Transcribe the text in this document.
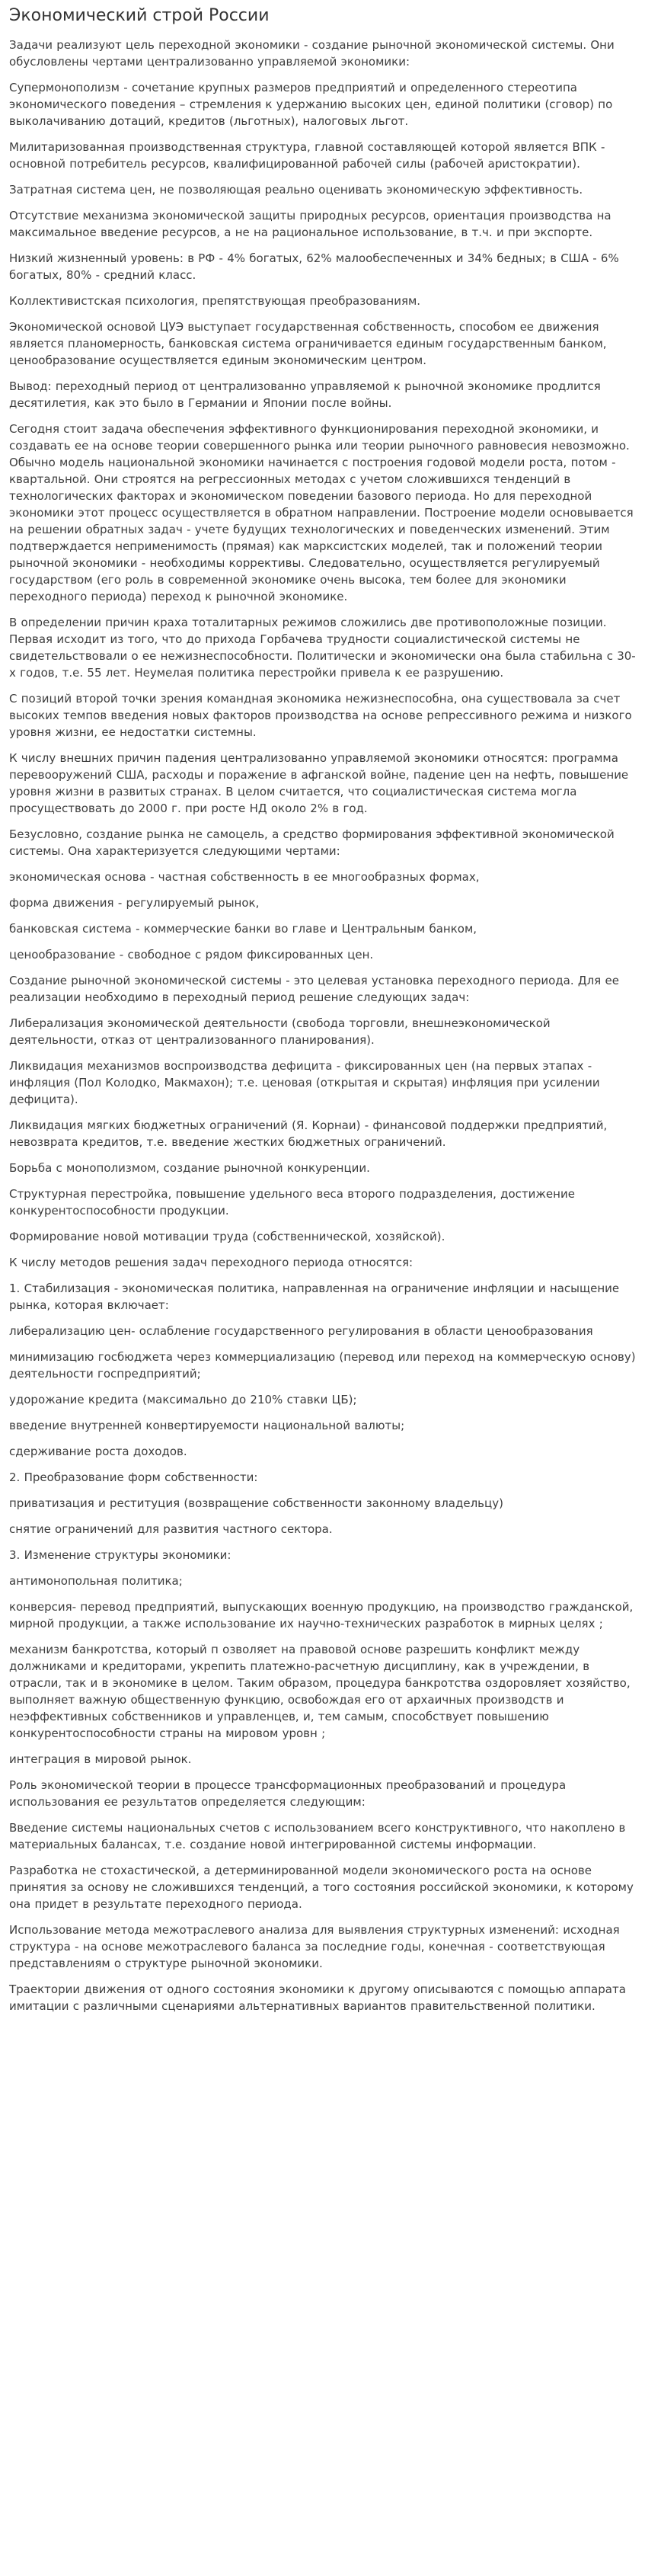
Экономический строй России

Задачи реализуют цель переходной экономики - создание рыночной экономической системы. Они обусловлены чертами централизованно управляемой экономики:

Супермонополизм - сочетание крупных размеров предприятий и определенного стереотипа экономического поведения – стремления к удержанию высоких цен, единой политики (сговор) по выколачиванию дотаций, кредитов (льготных), налоговых льгот.

Милитаризованная производственная структура, главной составляющей которой является ВПК - основной потребитель ресурсов, квалифицированной рабочей силы (рабочей аристократии).

Затратная система цен, не позволяющая реально оценивать экономическую эффективность.

Отсутствие механизма экономической защиты природных ресурсов, ориентация производства на максимальное введение ресурсов, а не на рациональное использование, в т.ч. и при экспорте.

Низкий жизненный уровень: в РФ - 4% богатых, 62% малообеспеченных и 34% бедных; в США - 6% богатых, 80% - средний класс.

Коллективистская психология, препятствующая преобразованиям.

Экономической основой ЦУЭ выступает государственная собственность, способом ее движения является планомерность, банковская система ограничивается единым государственным банком, ценообразование осуществляется единым экономическим центром.

Вывод: переходный период от централизованно управляемой к рыночной экономике продлится десятилетия, как это было в Германии и Японии после войны.

Сегодня стоит задача обеспечения эффективного функционирования переходной экономики, и создавать ее на основе теории совершенного рынка или теории рыночного равновесия невозможно. Обычно модель национальной экономики начинается с построения годовой модели роста, потом - квартальной. Они строятся на регрессионных методах с учетом сложившихся тенденций в технологических факторах и экономическом поведении базового периода. Но для переходной экономики этот процесс осуществляется в обратном направлении. Построение модели основывается на решении обратных задач - учете будущих технологических и поведенческих изменений. Этим подтверждается неприменимость (прямая) как марксистских моделей, так и положений теории рыночной экономики - необходимы коррективы. Следовательно, осуществляется регулируемый государством (его роль в современной экономике очень высока, тем более для экономики переходного периода) переход к рыночной экономике.

В определении причин краха тоталитарных режимов сложились две противоположные позиции. Первая исходит из того, что до прихода Горбачева трудности социалистической системы не свидетельствовали о ее нежизнеспособности. Политически и экономически она была стабильна с 30-х годов, т.е. 55 лет. Неумелая политика перестройки привела к ее разрушению.

С позиций второй точки зрения командная экономика нежизнеспособна, она существовала за счет высоких темпов введения новых факторов производства на основе репрессивного режима и низкого уровня жизни, ее недостатки системны.

К числу внешних причин падения централизованно управляемой экономики относятся: программа перевооружений США, расходы и поражение в афганской войне, падение цен на нефть, повышение уровня жизни в развитых странах. В целом считается, что социалистическая система могла просуществовать до 2000 г. при росте НД около 2% в год.

Безусловно, создание рынка не самоцель, а средство формирования эффективной экономической системы. Она характеризуется следующими чертами:

экономическая основа - частная собственность в ее многообразных формах,

форма движения - регулируемый рынок,

банковская система - коммерческие банки во главе и Центральным банком,

ценообразование - свободное с рядом фиксированных цен.

Создание рыночной экономической системы - это целевая установка переходного периода. Для ее реализации необходимо в переходный период решение следующих задач:

Либерализация экономической деятельности (свобода торговли, внешнеэкономической деятельности, отказ от централизованного планирования).

Ликвидация механизмов воспроизводства дефицита - фиксированных цен (на первых этапах - инфляция (Пол Колодко, Макмахон); т.е. ценовая (открытая и скрытая) инфляция при усилении дефицита).

Ликвидация мягких бюджетных ограничений (Я. Корнаи) - финансовой поддержки предприятий, невозврата кредитов, т.е. введение жестких бюджетных ограничений.

Борьба с монополизмом, создание рыночной конкуренции.

Структурная перестройка, повышение удельного веса второго подразделения, достижение конкурентоспособности продукции.

Формирование новой мотивации труда (собственнической, хозяйской).

К числу методов решения задач переходного периода относятся:

1. Стабилизация - экономическая политика, направленная на ограничение инфляции и насыщение рынка, которая включает:

либерализацию цен- ослабление государственного регулирования в области ценообразования

минимизацию госбюджета через коммерциализацию (перевод или переход на коммерческую основу) деятельности госпредприятий;

удорожание кредита (максимально до 210% ставки ЦБ);

введение внутренней конвертируемости национальной валюты;

сдерживание роста доходов.

2. Преобразование форм собственности:

приватизация и реституция (возвращение собственности законному владельцу)

снятие ограничений для развития частного сектора.

3. Изменение структуры экономики:

антимонопольная политика;

конверсия- перевод предприятий, выпускающих военную продукцию, на производство гражданской, мирной продукции, а также использование их научно-технических разработок в мирных целях ;

механизм банкротства, который п озволяет на правовой основе разрешить конфликт между должниками и кредиторами, укрепить платежно-расчетную дисциплину, как в учреждении, в отрасли, так и в экономике в целом. Таким образом, процедура банкротства оздоровляет хозяйство, выполняет важную общественную функцию, освобождая его от архаичных производств и неэффективных собственников и управленцев, и, тем самым, способствует повышению конкурентоспособности страны на мировом уровн ;

интеграция в мировой рынок.

Роль экономической теории в процессе трансформационных преобразований и процедура использования ее результатов определяется следующим:

Введение системы национальных счетов с использованием всего конструктивного, что накоплено в материальных балансах, т.е. создание новой интегрированной системы информации.

Разработка не стохастической, а детерминированной модели экономического роста на основе принятия за основу не сложившихся тенденций, а того состояния российской экономики, к которому она придет в результате переходного периода.

Использование метода межотраслевого анализа для выявления структурных изменений: исходная структура - на основе межотраслевого баланса за последние годы, конечная - соответствующая представлениям о структуре рыночной экономики.

Траектории движения от одного состояния экономики к другому описываются с помощью аппарата имитации с различными сценариями альтернативных вариантов правительственной политики.
